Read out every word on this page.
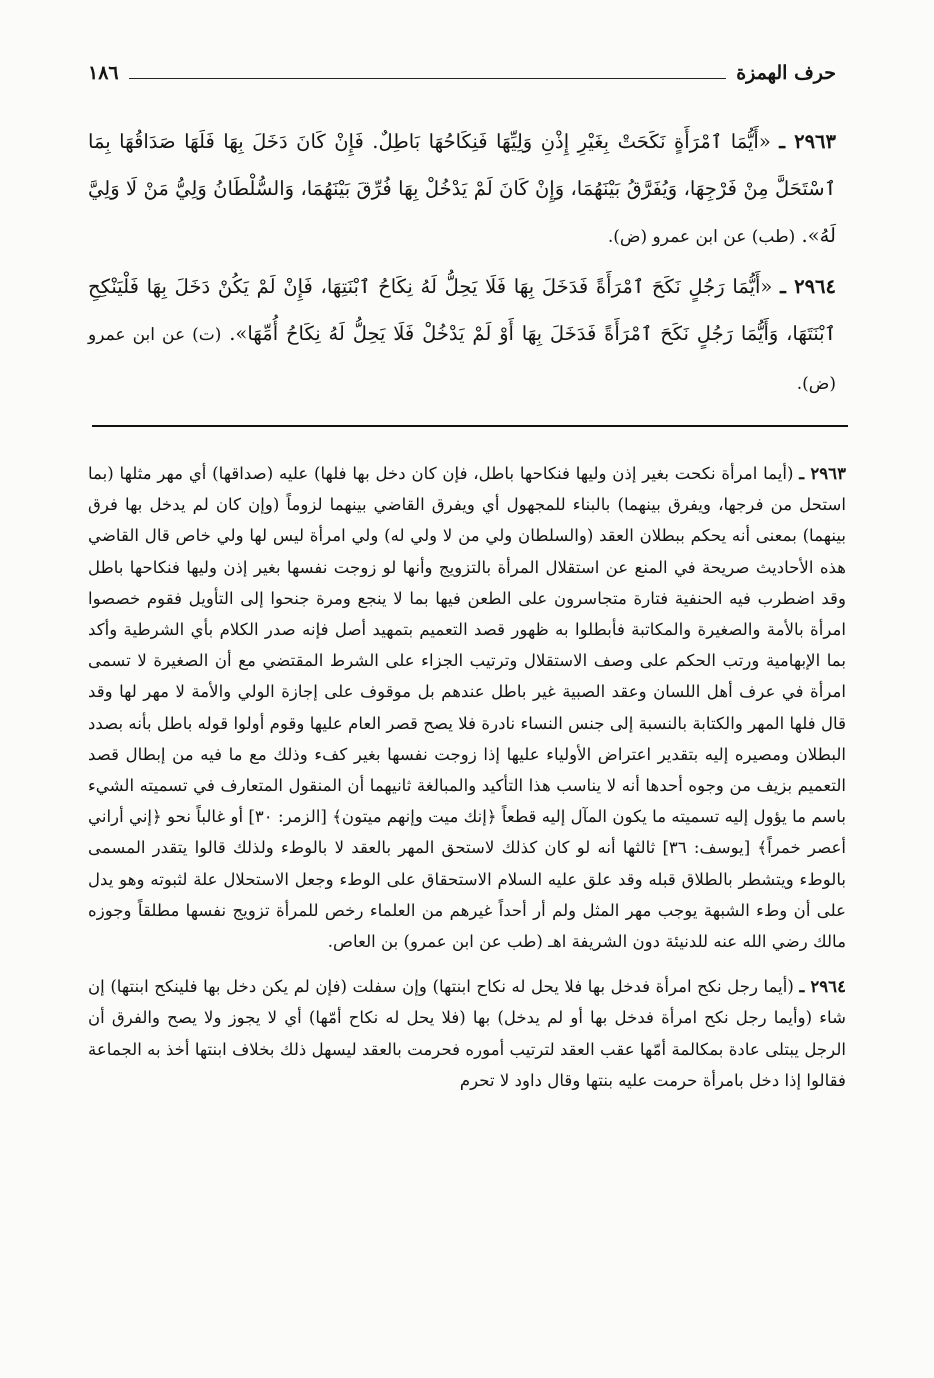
حرف الهمزة
١٨٦

٢٩٦٣ ـ «أَيُّمَا ٱمْرَأَةٍ نَكَحَتْ بِغَيْرِ إِذْنِ وَلِيِّهَا فَنِكَاحُهَا بَاطِلٌ. فَإِنْ كَانَ دَخَلَ بِهَا فَلَهَا صَدَاقُهَا بِمَا ٱسْتَحَلَّ مِنْ فَرْجِهَا، وَيُفَرَّقُ بَيْنَهُمَا، وَإِنْ كَانَ لَمْ يَدْخُلْ بِهَا فُرِّقَ بَيْنَهُمَا، وَالسُّلْطَانُ وَلِيُّ مَنْ لَا وَلِيَّ لَهُ». (طب) عن ابن عمرو (ض).

٢٩٦٤ ـ «أَيُّمَا رَجُلٍ نَكَحَ ٱمْرَأَةً فَدَخَلَ بِهَا فَلَا يَحِلُّ لَهُ نِكَاحُ ٱبْنَتِهَا، فَإِنْ لَمْ يَكُنْ دَخَلَ بِهَا فَلْيَنْكِحِ ٱبْنَتَهَا، وَأَيُّمَا رَجُلٍ نَكَحَ ٱمْرَأَةً فَدَخَلَ بِهَا أَوْ لَمْ يَدْخُلْ فَلَا يَحِلُّ لَهُ نِكَاحُ أُمِّهَا». (ت) عن ابن عمرو (ض).

٢٩٦٣ ـ (أيما امرأة نكحت بغير إذن وليها فنكاحها باطل، فإن كان دخل بها فلها) عليه (صداقها) أي مهر مثلها (بما استحل من فرجها، ويفرق بينهما) بالبناء للمجهول أي ويفرق القاضي بينهما لزوماً (وإن كان لم يدخل بها فرق بينهما) بمعنى أنه يحكم ببطلان العقد (والسلطان ولي من لا ولي له) ولي امرأة ليس لها ولي خاص قال القاضي هذه الأحاديث صريحة في المنع عن استقلال المرأة بالتزويج وأنها لو زوجت نفسها بغير إذن وليها فنكاحها باطل وقد اضطرب فيه الحنفية فتارة متجاسرون على الطعن فيها بما لا ينجع ومرة جنحوا إلى التأويل فقوم خصصوا امرأة بالأمة والصغيرة والمكاتبة فأبطلوا به ظهور قصد التعميم بتمهيد أصل فإنه صدر الكلام بأي الشرطية وأكد بما الإبهامية ورتب الحكم على وصف الاستقلال وترتيب الجزاء على الشرط المقتضي مع أن الصغيرة لا تسمى امرأة في عرف أهل اللسان وعقد الصبية غير باطل عندهم بل موقوف على إجازة الولي والأمة لا مهر لها وقد قال فلها المهر والكتابة بالنسبة إلى جنس النساء نادرة فلا يصح قصر العام عليها وقوم أولوا قوله باطل بأنه بصدد البطلان ومصيره إليه بتقدير اعتراض الأولياء عليها إذا زوجت نفسها بغير كفء وذلك مع ما فيه من إبطال قصد التعميم بزيف من وجوه أحدها أنه لا يناسب هذا التأكيد والمبالغة ثانيهما أن المنقول المتعارف في تسميته الشيء باسم ما يؤول إليه تسميته ما يكون المآل إليه قطعاً ﴿إنك ميت وإنهم ميتون﴾ [الزمر: ٣٠] أو غالباً نحو ﴿إني أراني أعصر خمراً﴾ [يوسف: ٣٦] ثالثها أنه لو كان كذلك لاستحق المهر بالعقد لا بالوطء ولذلك قالوا يتقدر المسمى بالوطء ويتشطر بالطلاق قبله وقد علق عليه السلام الاستحقاق على الوطء وجعل الاستحلال علة لثبوته وهو يدل على أن وطء الشبهة يوجب مهر المثل ولم أر أحداً غيرهم من العلماء رخص للمرأة تزويج نفسها مطلقاً وجوزه مالك رضي الله عنه للدنيئة دون الشريفة اهـ (طب عن ابن عمرو) بن العاص.

٢٩٦٤ ـ (أيما رجل نكح امرأة فدخل بها فلا يحل له نكاح ابنتها) وإن سفلت (فإن لم يكن دخل بها فلينكح ابنتها) إن شاء (وأيما رجل نكح امرأة فدخل بها أو لم يدخل) بها (فلا يحل له نكاح أمّها) أي لا يجوز ولا يصح والفرق أن الرجل يبتلى عادة بمكالمة أمّها عقب العقد لترتيب أموره فحرمت بالعقد ليسهل ذلك بخلاف ابنتها أخذ به الجماعة فقالوا إذا دخل بامرأة حرمت عليه بنتها وقال داود لا تحرم
